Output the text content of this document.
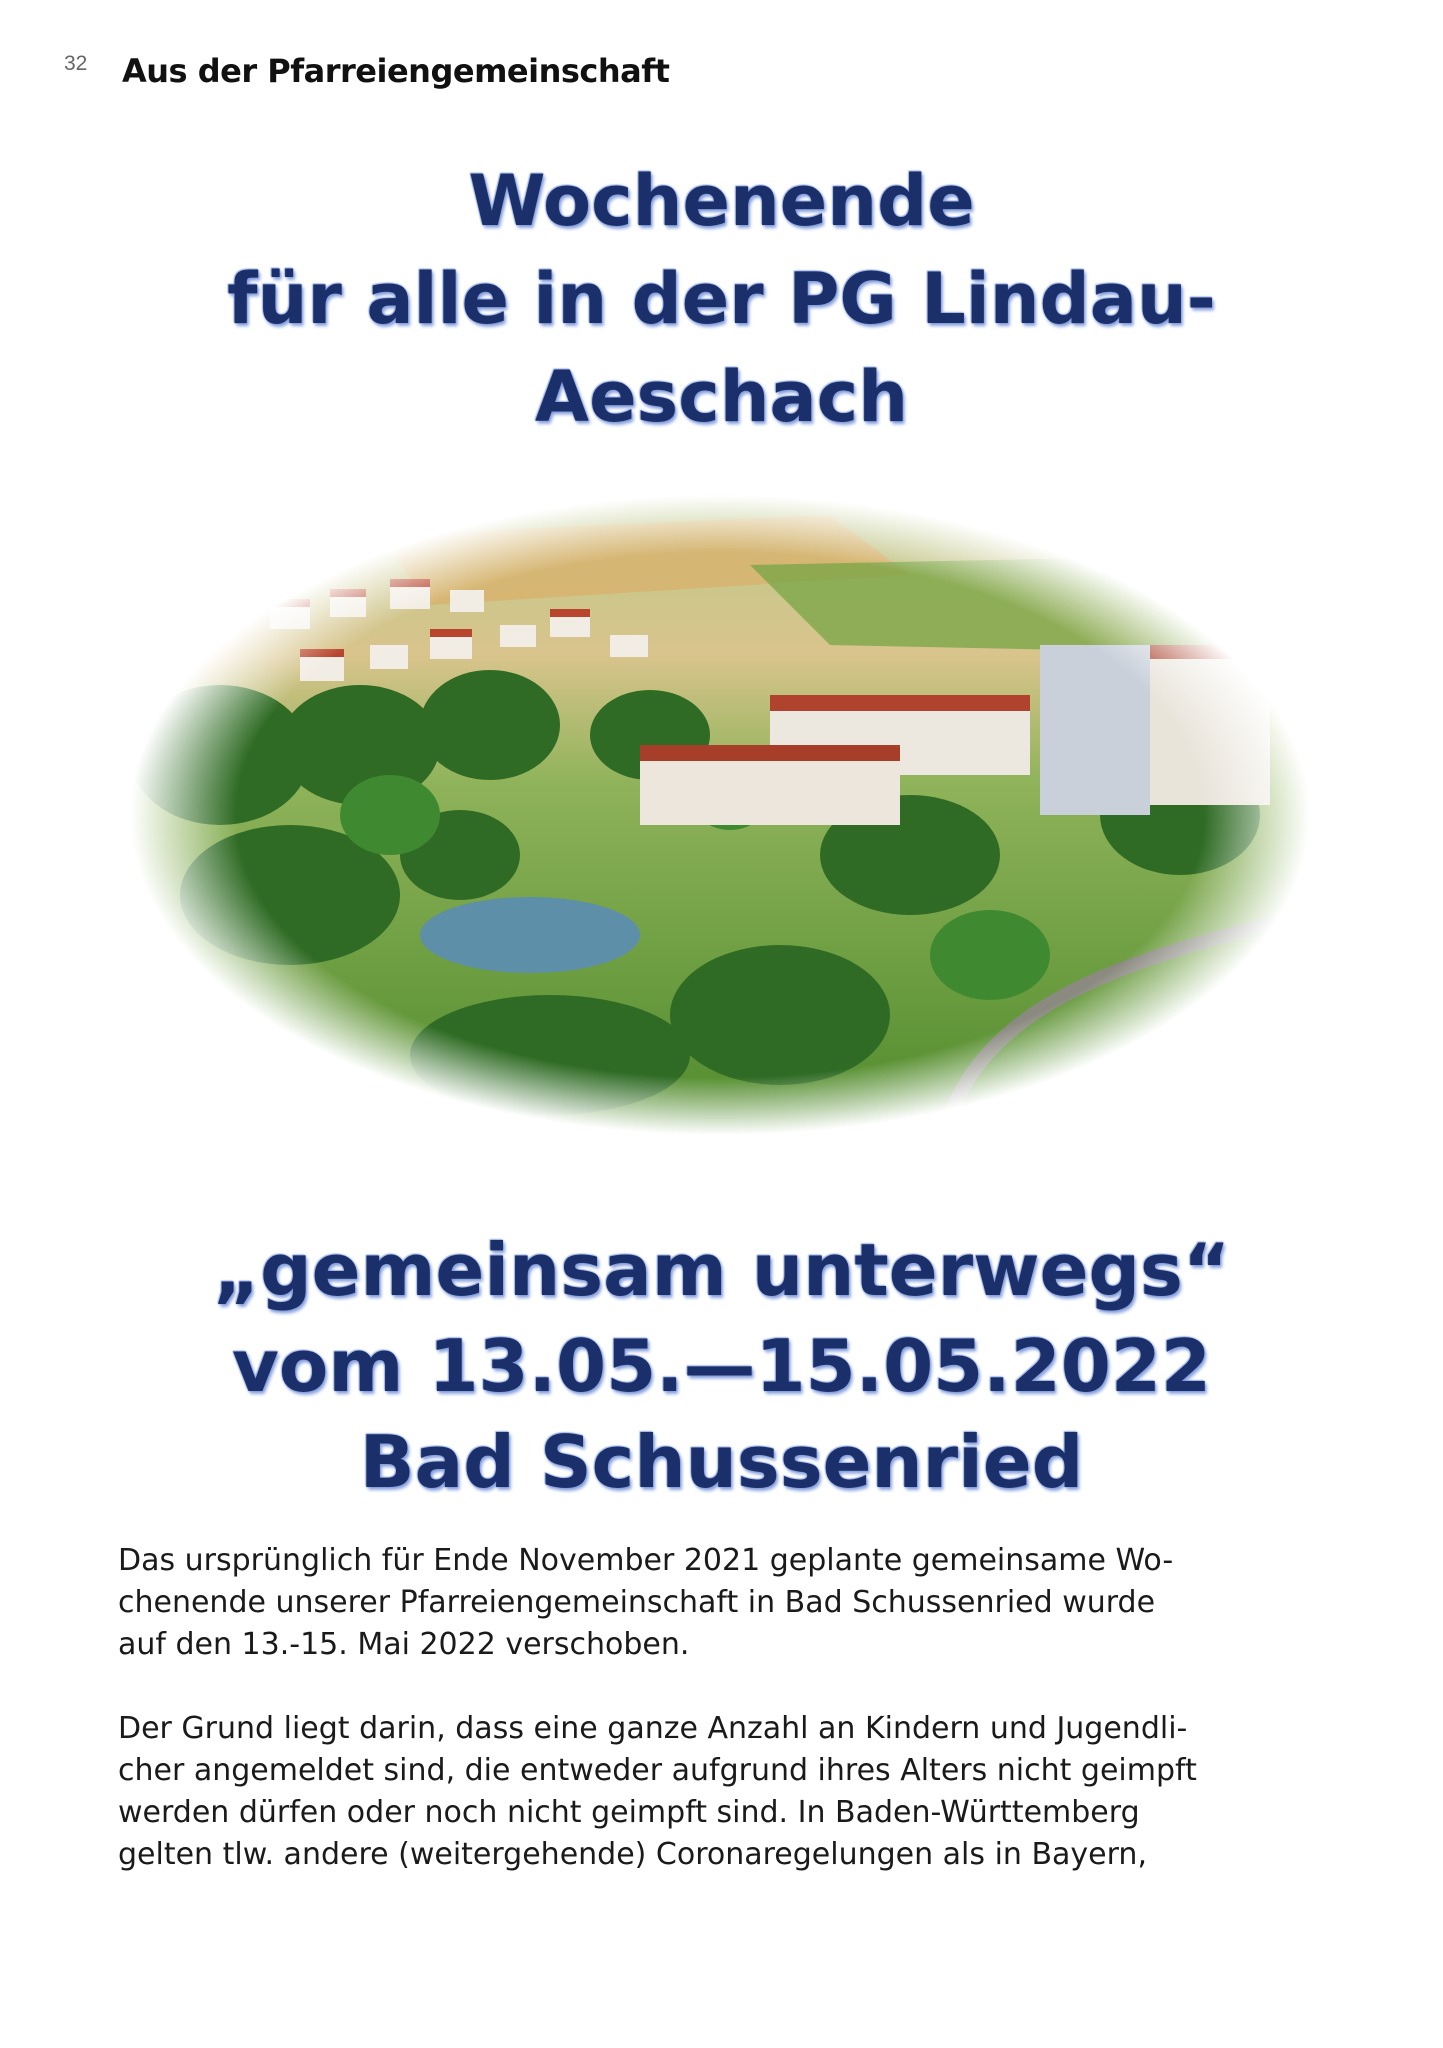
32 Aus der Pfarreiengemeinschaft
Wochenende
für alle in der PG Lindau-
Aeschach
„gemeinsam unterwegs“
vom 13.05.—15.05.2022
Bad Schussenried
Das ursprünglich für Ende November 2021 geplante gemeinsame Wo-
chenende unserer Pfarreiengemeinschaft in Bad Schussenried wurde
auf den 13.-15. Mai 2022 verschoben.
Der Grund liegt darin, dass eine ganze Anzahl an Kindern und Jugendli-
cher angemeldet sind, die entweder aufgrund ihres Alters nicht geimpft
werden dürfen oder noch nicht geimpft sind. In Baden-Württemberg
gelten tlw. andere (weitergehende) Coronaregelungen als in Bayern,
